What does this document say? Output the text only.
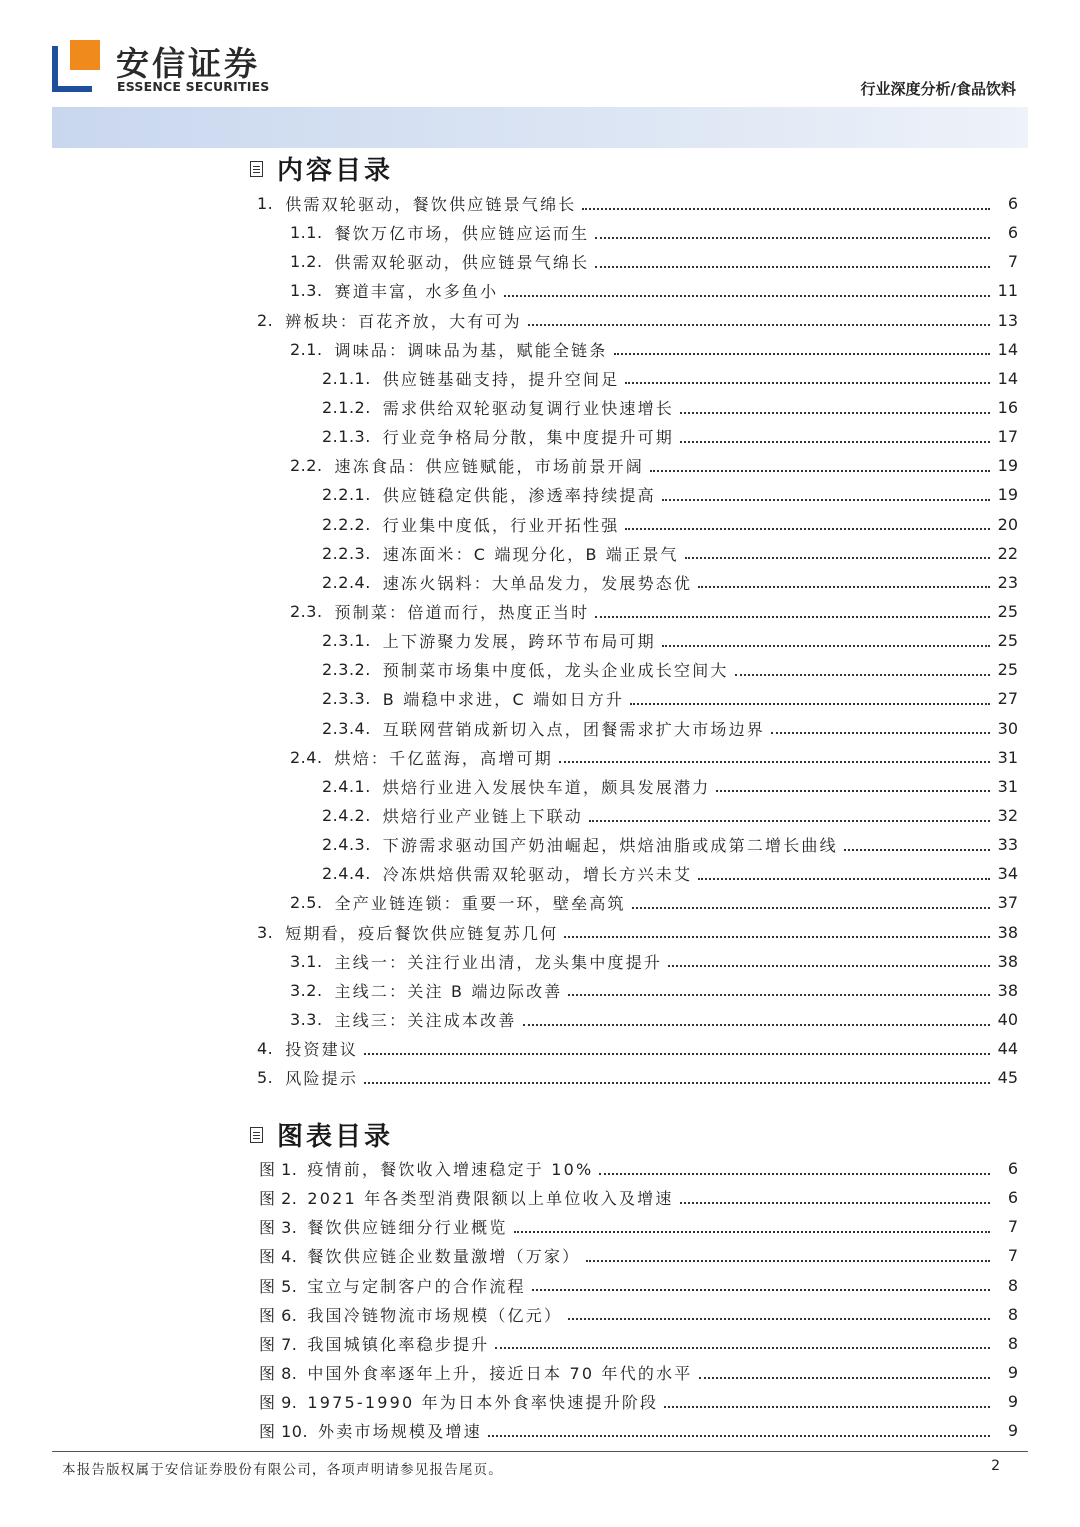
安信证券
ESSENCE SECURITIES	行业深度分析/食品饮料
内容目录
1. 供需双轮驱动，餐饮供应链景气绵长	6
1.1. 餐饮万亿市场，供应链应运而生	6
1.2. 供需双轮驱动，供应链景气绵长	7
1.3. 赛道丰富，水多鱼小	11
2. 辨板块：百花齐放，大有可为	13
2.1. 调味品：调味品为基，赋能全链条	14
2.1.1. 供应链基础支持，提升空间足	14
2.1.2. 需求供给双轮驱动复调行业快速增长	16
2.1.3. 行业竞争格局分散，集中度提升可期	17
2.2. 速冻食品：供应链赋能，市场前景开阔	19
2.2.1. 供应链稳定供能，渗透率持续提高	19
2.2.2. 行业集中度低，行业开拓性强	20
2.2.3. 速冻面米：C 端现分化，B 端正景气	22
2.2.4. 速冻火锅料：大单品发力，发展势态优	23
2.3. 预制菜：倍道而行，热度正当时	25
2.3.1. 上下游聚力发展，跨环节布局可期	25
2.3.2. 预制菜市场集中度低，龙头企业成长空间大	25
2.3.3. B 端稳中求进，C 端如日方升	27
2.3.4. 互联网营销成新切入点，团餐需求扩大市场边界	30
2.4. 烘焙：千亿蓝海，高增可期	31
2.4.1. 烘焙行业进入发展快车道，颇具发展潜力	31
2.4.2. 烘焙行业产业链上下联动	32
2.4.3. 下游需求驱动国产奶油崛起，烘焙油脂或成第二增长曲线	33
2.4.4. 冷冻烘焙供需双轮驱动，增长方兴未艾	34
2.5. 全产业链连锁：重要一环，壁垒高筑	37
3. 短期看，疫后餐饮供应链复苏几何	38
3.1. 主线一：关注行业出清，龙头集中度提升	38
3.2. 主线二：关注 B 端边际改善	38
3.3. 主线三：关注成本改善	40
4. 投资建议	44
5. 风险提示	45
图表目录
图 1. 疫情前，餐饮收入增速稳定于 10%	6
图 2. 2021 年各类型消费限额以上单位收入及增速	6
图 3. 餐饮供应链细分行业概览	7
图 4. 餐饮供应链企业数量激增（万家）	7
图 5. 宝立与定制客户的合作流程	8
图 6. 我国冷链物流市场规模（亿元）	8
图 7. 我国城镇化率稳步提升	8
图 8. 中国外食率逐年上升，接近日本 70 年代的水平	9
图 9. 1975-1990 年为日本外食率快速提升阶段	9
图 10. 外卖市场规模及增速	9
本报告版权属于安信证券股份有限公司，各项声明请参见报告尾页。	2
